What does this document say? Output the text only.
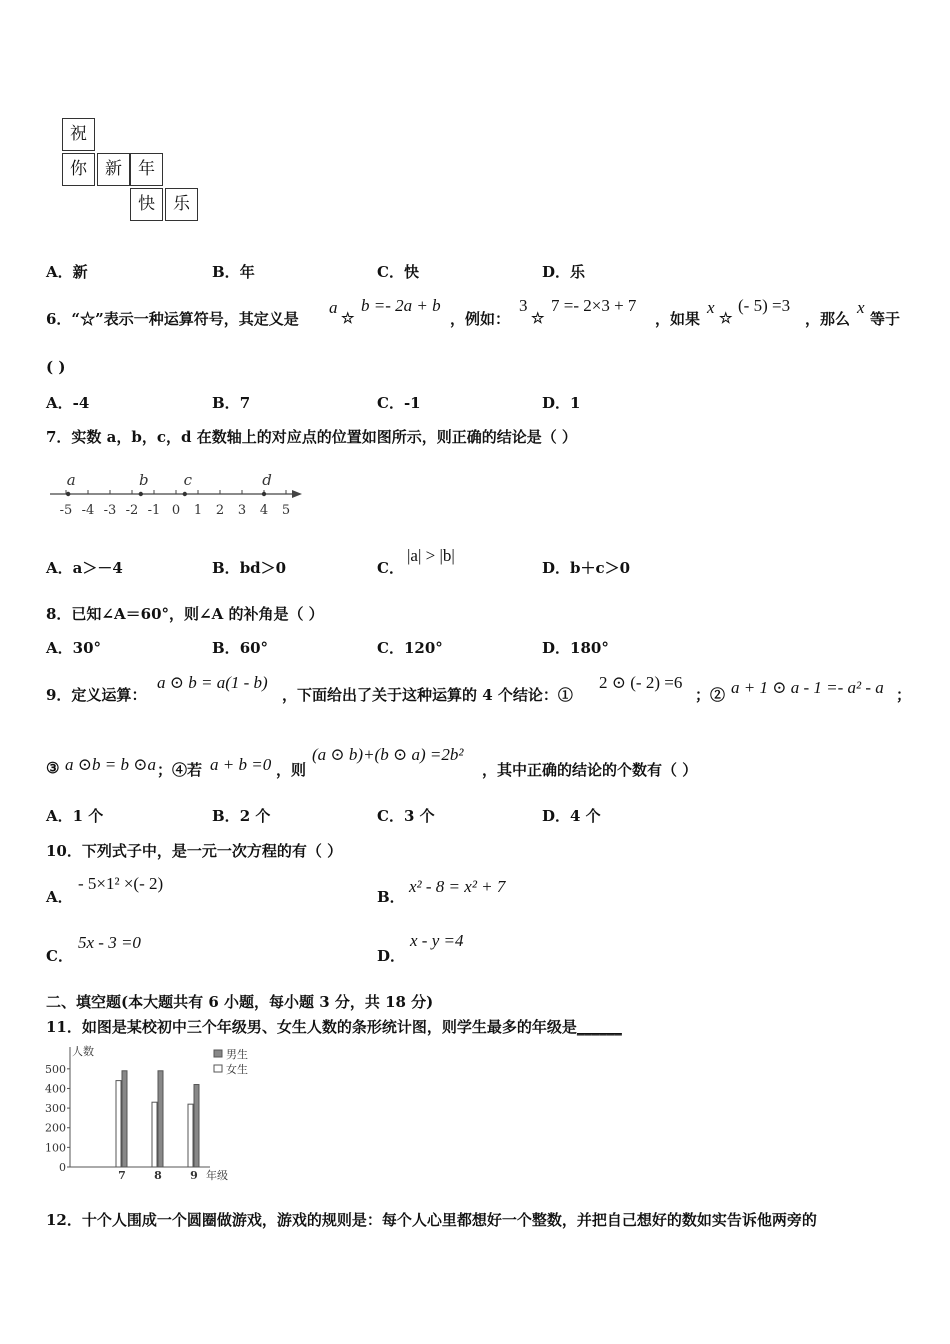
祝
你	新 年
快	乐
A．新	B．年	C．快	D．乐
6．“☆”表示一种运算符号，其定义是
a
☆
b =- 2a + b
，例如：
3
☆
7 =- 2×3 + 7
，如果
x
☆
(- 5) =3
，那么
x
等于
( )
A．-4	B．7	C．-1	D．1
7．实数 a，b，c，d 在数轴上的对应点的位置如图所示，则正确的结论是（ ）
-5 -4 -3 -2 -1 0 1 2 3 4 5
a	b c	d
A．a＞－4	B．bd＞0	C．
|a| > |b|
D．b＋c＞0
8．已知∠A＝60°，则∠A 的补角是（ ）
A．30°	B．60°	C．120°	D．180°
9．定义运算：
a ⊙ b = a(1 - b)
，下面给出了关于这种运算的 4 个结论：①
2 ⊙ (- 2) =6
；② a + 1 ⊙ a - 1 =- a² - a ；
③ a ⊙b = b ⊙a ；④若 a + b =0 ，则
(a ⊙ b)+(b ⊙ a) =2b²
，其中正确的结论的个数有（ ）
A．1 个	B．2 个	C．3 个	D．4 个
10．下列式子中，是一元一次方程的有（ ）
A．
- 5×1² ×(- 2)
B．
x² - 8 = x² + 7
C．
5x - 3 =0
D．
x - y =4
二、填空题(本大题共有 6 小题，每小题 3 分，共 18 分)
11．如图是某校初中三个年级男、女生人数的条形统计图，则学生最多的年级是______
0
100
200
300
400
500
人数
7	8	9 年级
男生
女生
12．十个人围成一个圆圈做游戏，游戏的规则是：每个人心里都想好一个整数，并把自己想好的数如实告诉他两旁的
